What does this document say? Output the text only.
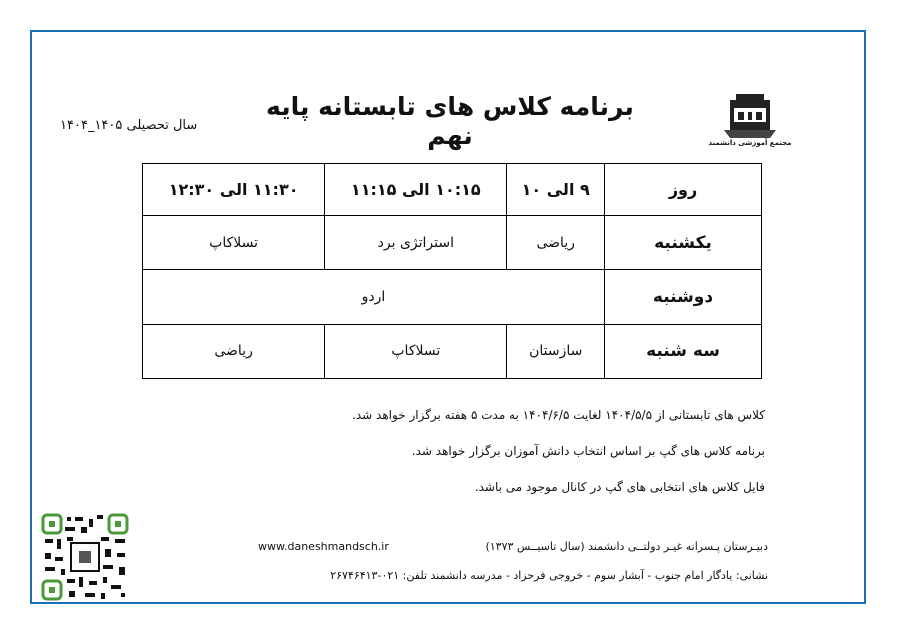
مجتمع آموزشی دانشمند
برنامه کلاس های تابستانه پایه نهم
سال تحصیلی ۱۴۰۵_۱۴۰۴
روز	۹ الی ۱۰	۱۰:۱۵ الی ۱۱:۱۵	۱۱:۳۰ الی ۱۲:۳۰
یکشنبه	ریاضی	استراتژی برد	تسلاکاپ
دوشنبه	اردو		
سه شنبه	سازستان	تسلاکاپ	ریاضی
کلاس های تابستانی از ۱۴۰۴/۵/۵ لغایت ۱۴۰۴/۶/۵ به مدت ۵ هفته برگزار خواهد شد.
برنامه کلاس های گپ بر اساس انتخاب دانش آموزان برگزار خواهد شد.
فایل کلاس های انتخابی های گپ در کانال موجود می باشد.
www.daneshmandsch.ir	دبیـرستان پـسرانه غیـر دولتــی دانشمند (سال تاسیــس ۱۳۷۳)
نشانی: یادگار امام جنوب - آبشار سوم - خروجی فرحزاد - مدرسه دانشمند تلفن: ۰۲۱-۲۶۷۴۶۴۱۳
